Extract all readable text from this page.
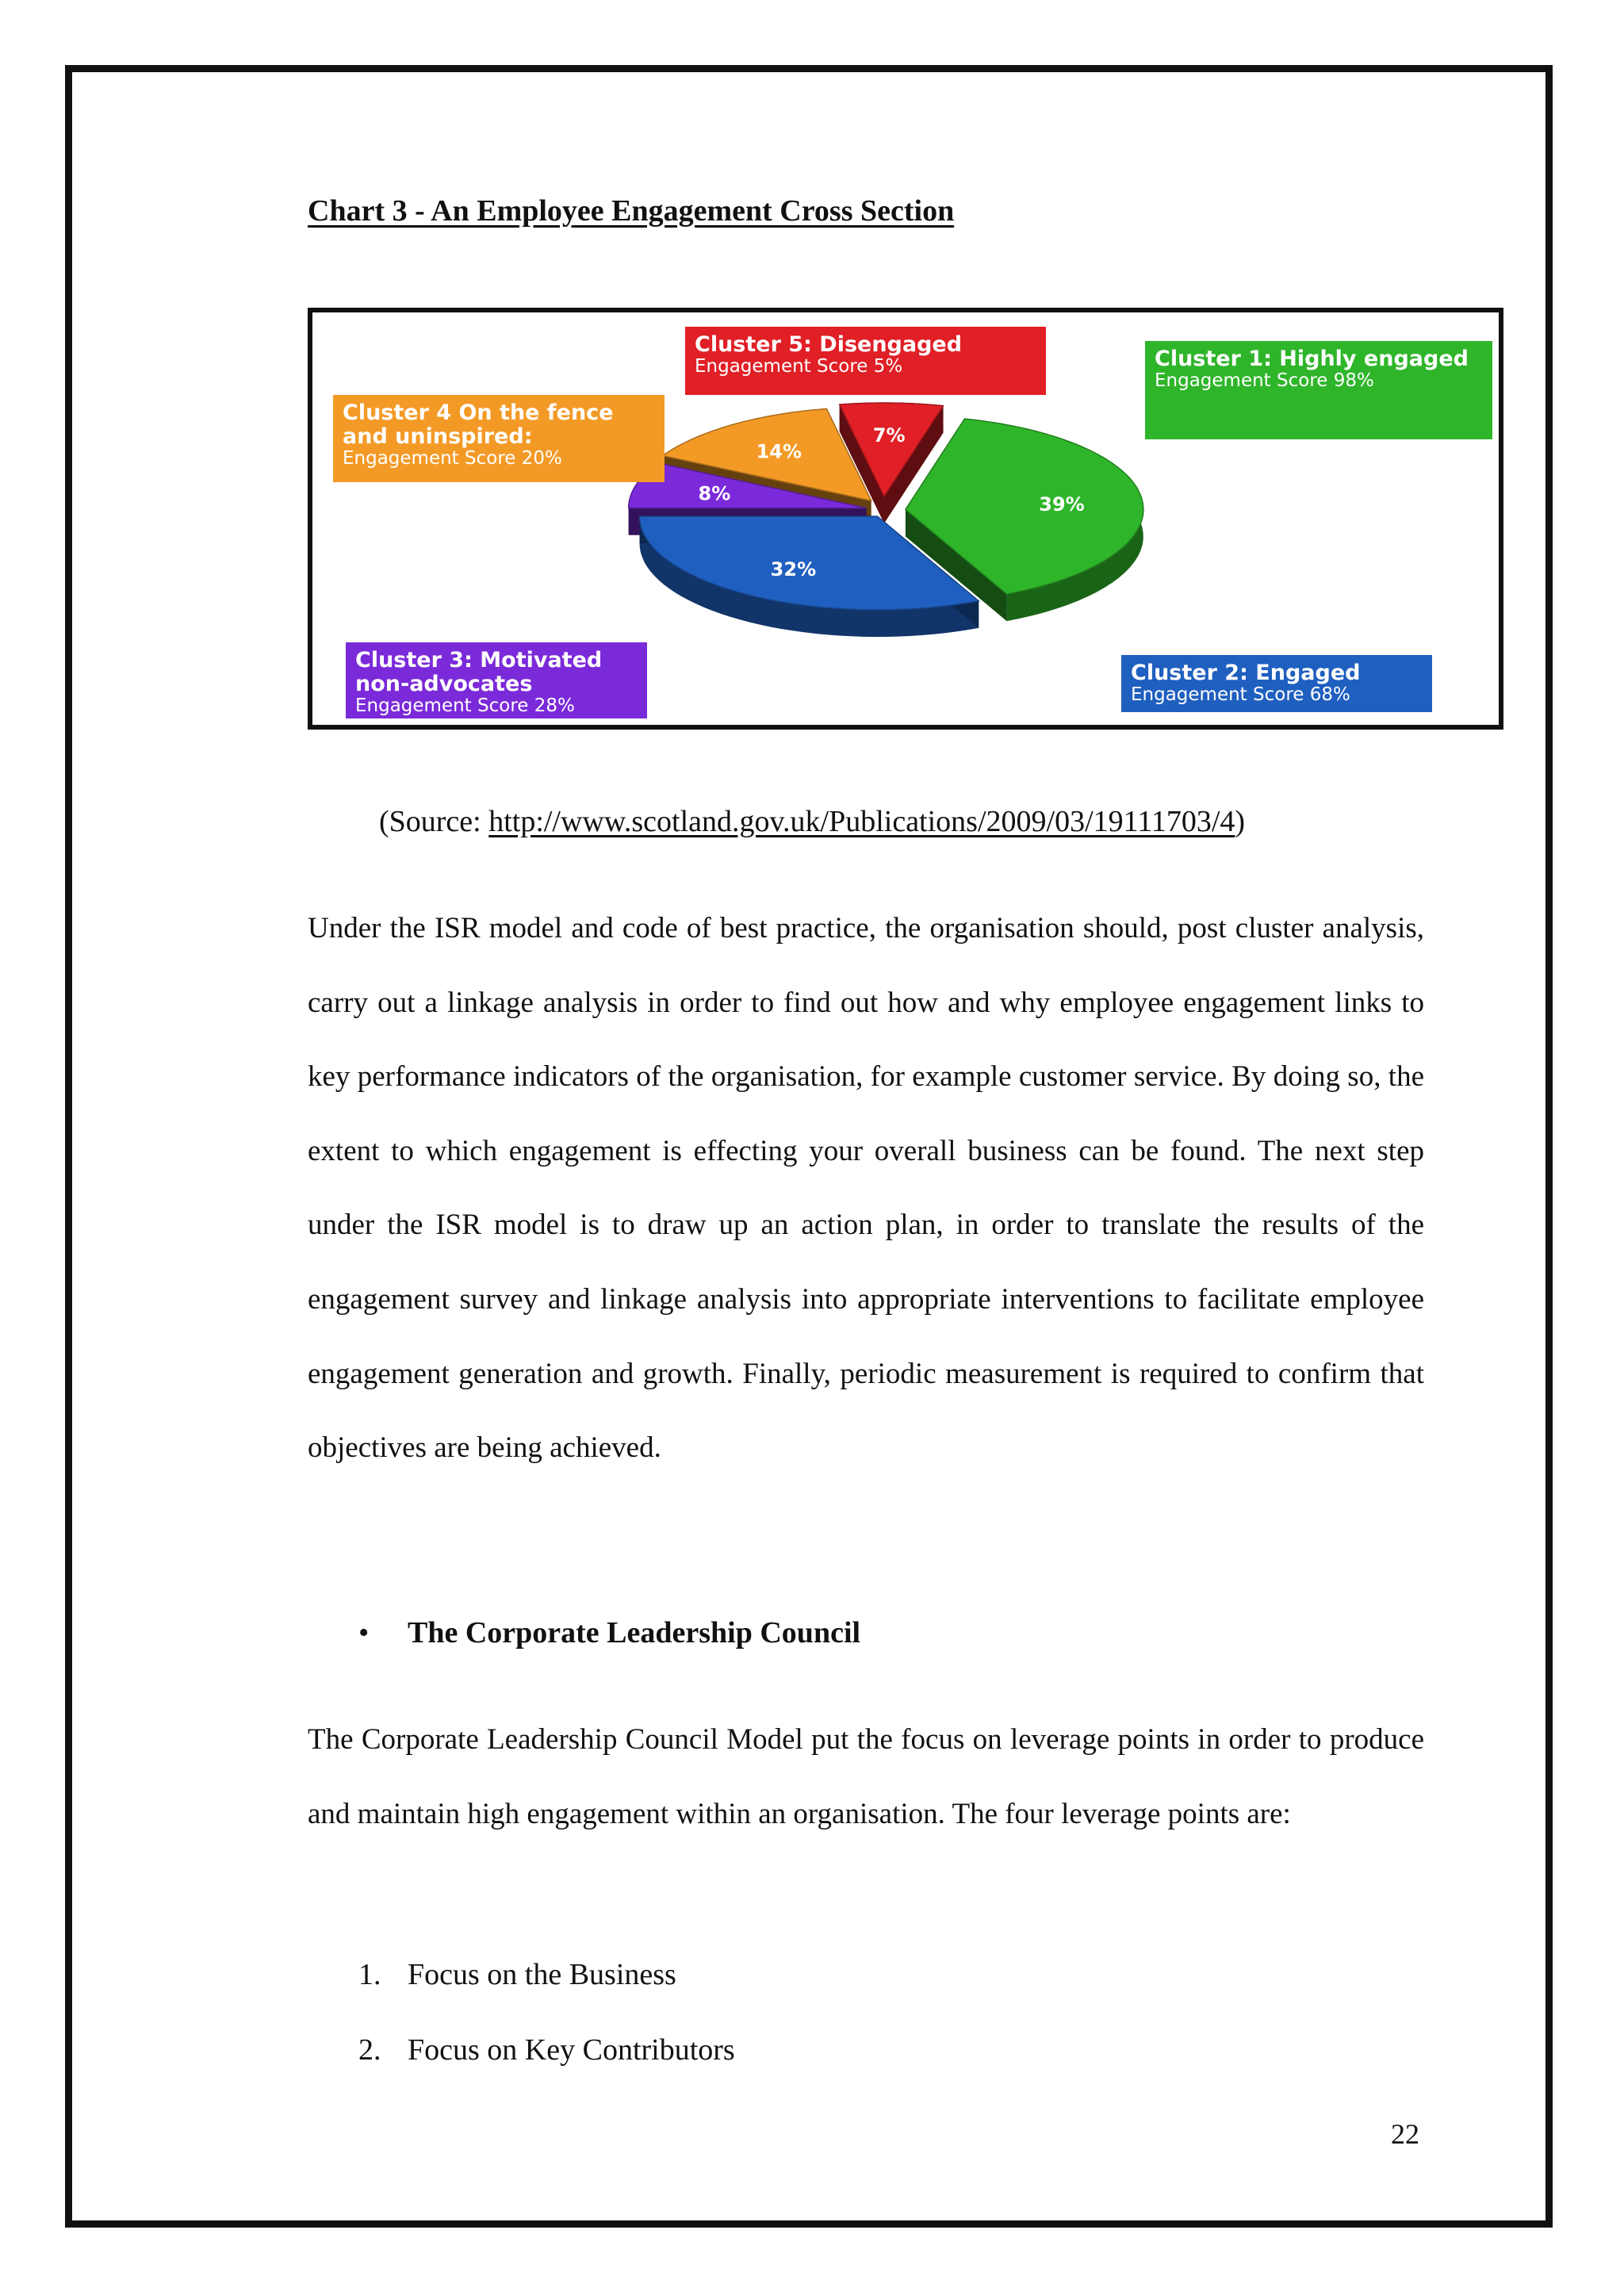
Chart 3 - An Employee Engagement Cross Section
39%
32%
8%
14%
7%
Cluster 5: Disengaged
Engagement Score 5%	Cluster 1: Highly engaged
Engagement Score 98%
Cluster 4 On the fence and uninspired:
Engagement Score 20%
Cluster 3: Motivated non-advocates
Engagement Score 28%
Cluster 2: Engaged
Engagement Score 68%
(Source: http://www.scotland.gov.uk/Publications/2009/03/19111703/4)

Under the ISR model and code of best practice, the organisation should, post cluster analysis, carry out a linkage analysis in order to find out how and why employee engagement links to key performance indicators of the organisation, for example customer service. By doing so, the extent to which engagement is effecting your overall business can be found. The next step under the ISR model is to draw up an action plan, in order to translate the results of the engagement survey and linkage analysis into appropriate interventions to facilitate employee engagement generation and growth. Finally, periodic measurement is required to confirm that objectives are being achieved.

• The Corporate Leadership Council

The Corporate Leadership Council Model put the focus on leverage points in order to produce and maintain high engagement within an organisation. The four leverage points are:

1. Focus on the Business
2. Focus on Key Contributors
22
